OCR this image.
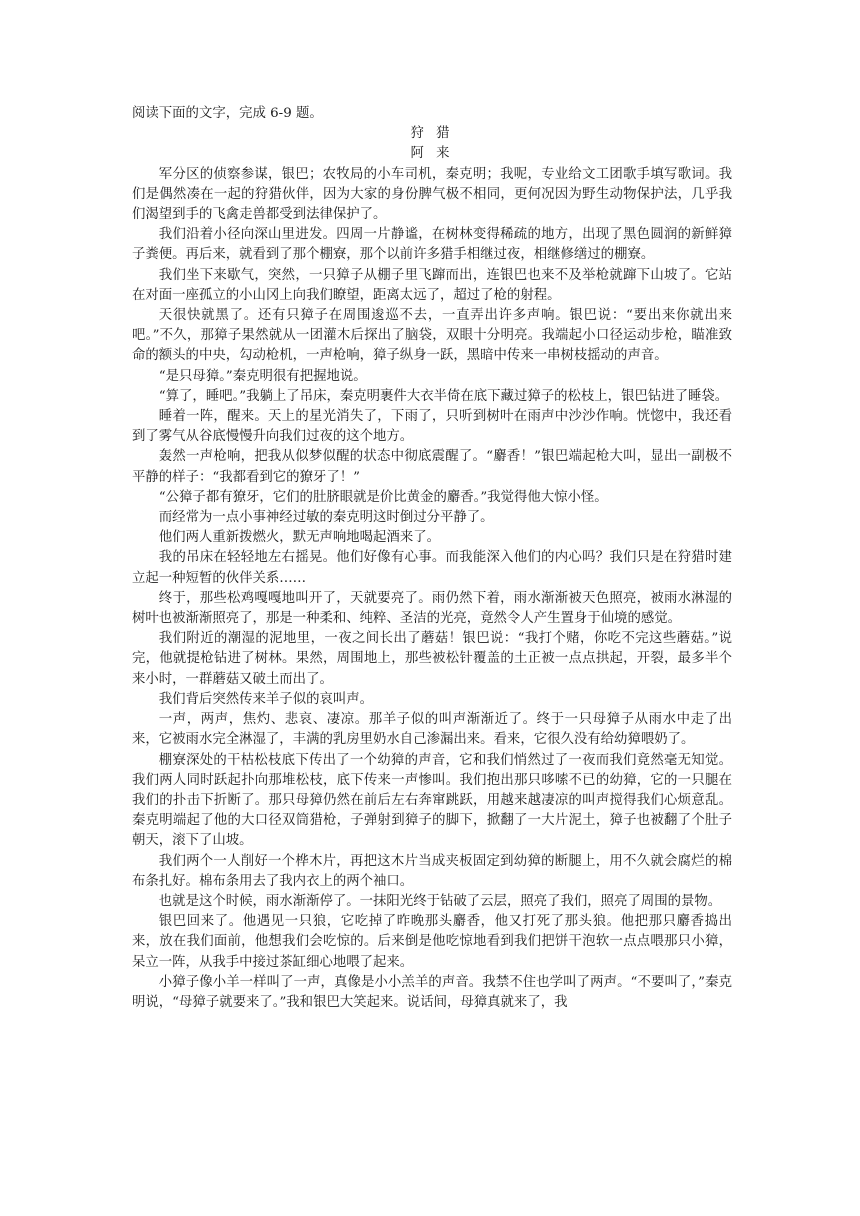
阅读下面的文字，完成 6-9 题。

狩 猎

阿 来

军分区的侦察参谋，银巴；农牧局的小车司机，秦克明；我呢，专业给文工团歌手填写歌词。我们是偶然凑在一起的狩猎伙伴，因为大家的身份脾气极不相同，更何况因为野生动物保护法，几乎我们渴望到手的飞禽走兽都受到法律保护了。

我们沿着小径向深山里进发。四周一片静谧，在树林变得稀疏的地方，出现了黑色圆润的新鲜獐子粪便。再后来，就看到了那个棚寮，那个以前许多猎手相继过夜，相继修缮过的棚寮。

我们坐下来歇气，突然，一只獐子从棚子里飞蹿而出，连银巴也来不及举枪就蹿下山坡了。它站在对面一座孤立的小山冈上向我们瞭望，距离太远了，超过了枪的射程。

天很快就黑了。还有只獐子在周围逡巡不去，一直弄出许多声响。银巴说：“要出来你就出来吧。”不久，那獐子果然就从一团灌木后探出了脑袋，双眼十分明亮。我端起小口径运动步枪，瞄准致命的额头的中央，勾动枪机，一声枪响，獐子纵身一跃，黑暗中传来一串树枝摇动的声音。

“是只母獐。”秦克明很有把握地说。

“算了，睡吧。”我躺上了吊床，秦克明裹件大衣半倚在底下藏过獐子的松枝上，银巴钻进了睡袋。

睡着一阵，醒来。天上的星光消失了，下雨了，只听到树叶在雨声中沙沙作响。恍惚中，我还看到了雾气从谷底慢慢升向我们过夜的这个地方。

轰然一声枪响，把我从似梦似醒的状态中彻底震醒了。“麝香！”银巴端起枪大叫，显出一副极不平静的样子：“我都看到它的獠牙了！”

“公獐子都有獠牙，它们的肚脐眼就是价比黄金的麝香。”我觉得他大惊小怪。

而经常为一点小事神经过敏的秦克明这时倒过分平静了。

他们两人重新拨燃火，默无声响地喝起酒来了。

我的吊床在轻轻地左右摇晃。他们好像有心事。而我能深入他们的内心吗？我们只是在狩猎时建立起一种短暂的伙伴关系……

终于，那些松鸡嘎嘎地叫开了，天就要亮了。雨仍然下着，雨水渐渐被天色照亮，被雨水淋湿的树叶也被渐渐照亮了，那是一种柔和、纯粹、圣洁的光亮，竟然令人产生置身于仙境的感觉。

我们附近的潮湿的泥地里，一夜之间长出了蘑菇！银巴说：“我打个赌，你吃不完这些蘑菇。”说完，他就提枪钻进了树林。果然，周围地上，那些被松针覆盖的土正被一点点拱起，开裂，最多半个来小时，一群蘑菇又破土而出了。

我们背后突然传来羊子似的哀叫声。

一声，两声，焦灼、悲哀、凄凉。那羊子似的叫声渐渐近了。终于一只母獐子从雨水中走了出来，它被雨水完全淋湿了，丰满的乳房里奶水自己渗漏出来。看来，它很久没有给幼獐喂奶了。

棚寮深处的干枯松枝底下传出了一个幼獐的声音，它和我们悄然过了一夜而我们竟然毫无知觉。我们两人同时跃起扑向那堆松枝，底下传来一声惨叫。我们抱出那只哆嗦不已的幼獐，它的一只腿在我们的扑击下折断了。那只母獐仍然在前后左右奔窜跳跃，用越来越凄凉的叫声搅得我们心烦意乱。秦克明端起了他的大口径双筒猎枪，子弹射到獐子的脚下，掀翻了一大片泥土，獐子也被翻了个肚子朝天，滚下了山坡。

我们两个一人削好一个桦木片，再把这木片当成夹板固定到幼獐的断腿上，用不久就会腐烂的棉布条扎好。棉布条用去了我内衣上的两个袖口。

也就是这个时候，雨水渐渐停了。一抹阳光终于钻破了云层，照亮了我们，照亮了周围的景物。

银巴回来了。他遇见一只狼，它吃掉了昨晚那头麝香，他又打死了那头狼。他把那只麝香捣出来，放在我们面前，他想我们会吃惊的。后来倒是他吃惊地看到我们把饼干泡软一点点喂那只小獐，呆立一阵，从我手中接过茶缸细心地喂了起来。

小獐子像小羊一样叫了一声，真像是小小羔羊的声音。我禁不住也学叫了两声。“不要叫了，”秦克明说，“母獐子就要来了。”我和银巴大笑起来。说话间，母獐真就来了，我
